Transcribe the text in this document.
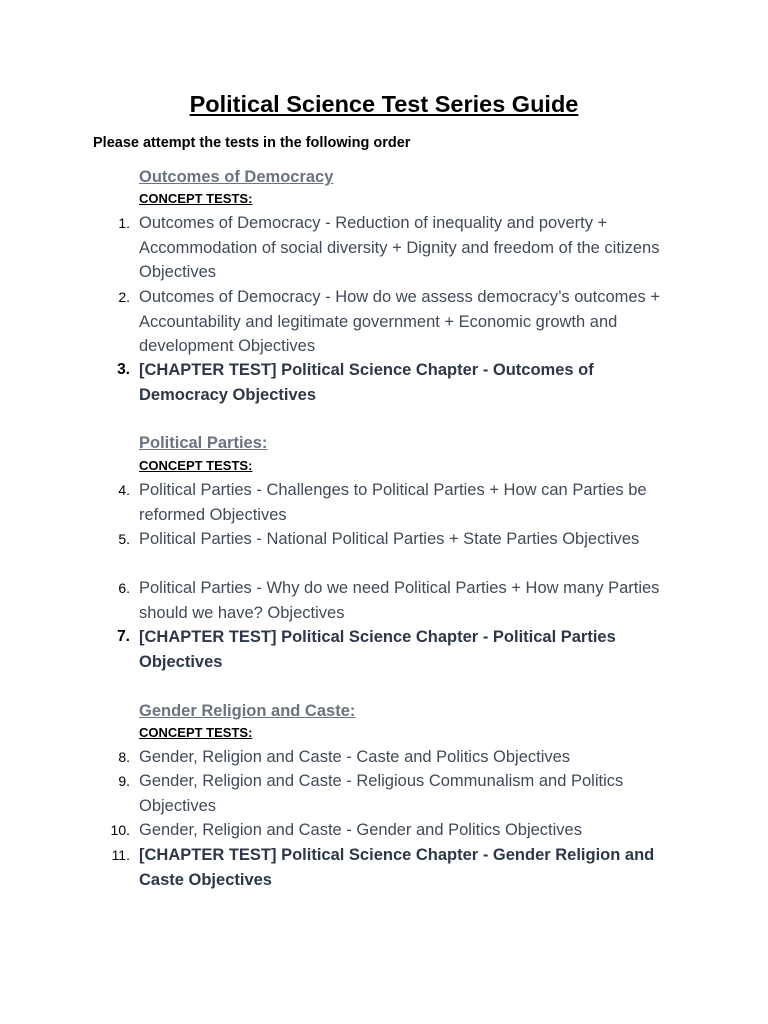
Political Science Test Series Guide
Please attempt the tests in the following order
Outcomes of Democracy
CONCEPT TESTS:
1. Outcomes of Democracy - Reduction of inequality and poverty + Accommodation of social diversity + Dignity and freedom of the citizens Objectives
2. Outcomes of Democracy - How do we assess democracy’s outcomes + Accountability and legitimate government + Economic growth and development Objectives
3. [CHAPTER TEST] Political Science Chapter - Outcomes of Democracy Objectives
Political Parties:
CONCEPT TESTS:
4. Political Parties - Challenges to Political Parties + How can Parties be reformed Objectives
5. Political Parties - National Political Parties + State Parties Objectives
6. Political Parties - Why do we need Political Parties + How many Parties should we have? Objectives
7. [CHAPTER TEST] Political Science Chapter - Political Parties Objectives
Gender Religion and Caste:
CONCEPT TESTS:
8. Gender, Religion and Caste - Caste and Politics Objectives
9. Gender, Religion and Caste - Religious Communalism and Politics Objectives
10. Gender, Religion and Caste - Gender and Politics Objectives
11. [CHAPTER TEST] Political Science Chapter - Gender Religion and Caste Objectives
